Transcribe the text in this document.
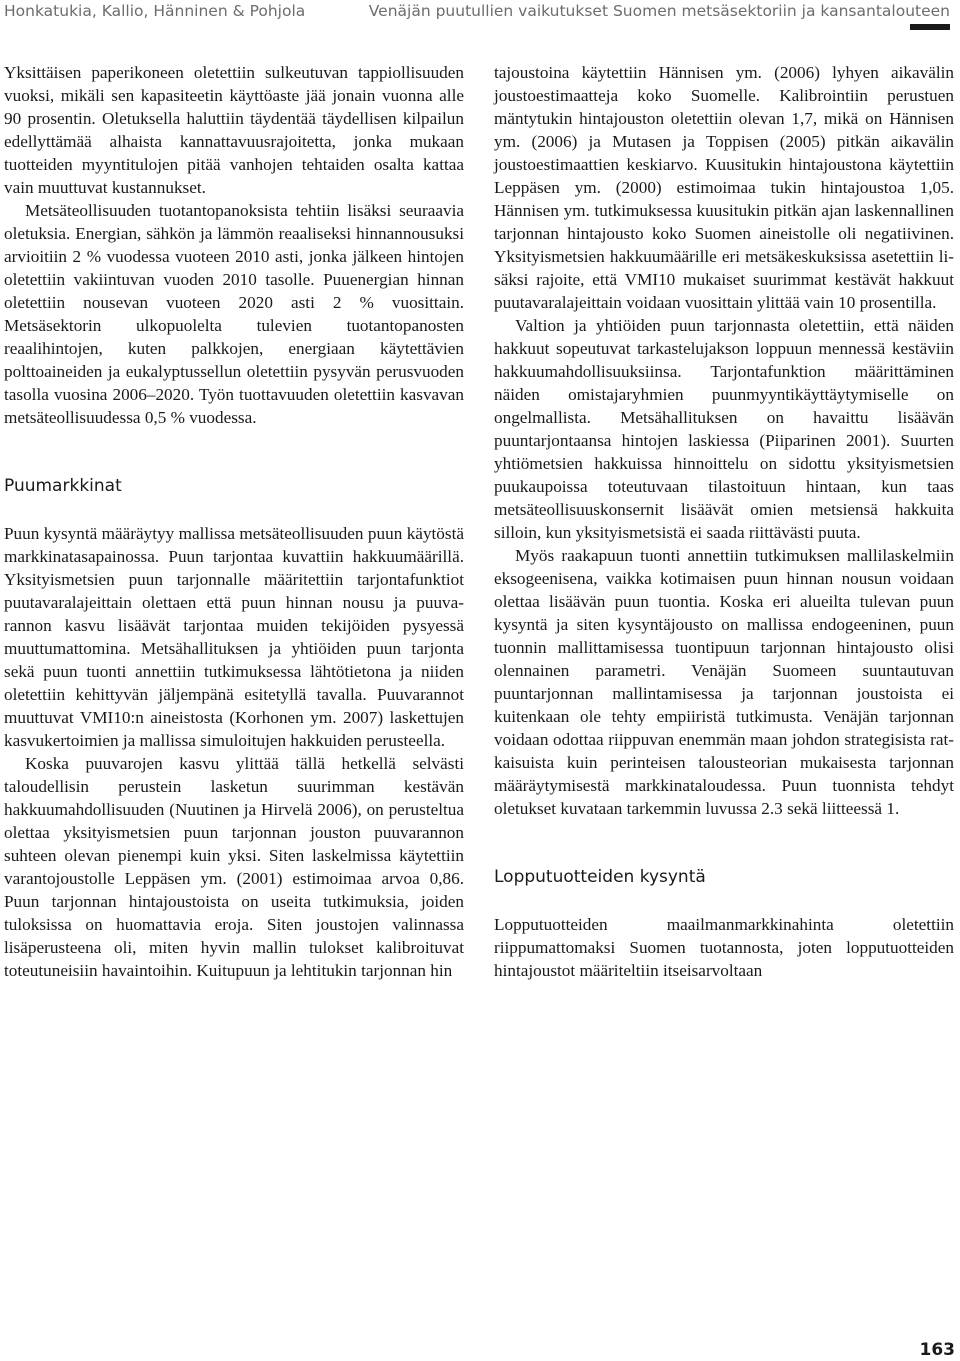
Honkatukia, Kallio, Hänninen & Pohjola	Venäjän puutullien vaikutukset Suomen metsäsektoriin ja kansantalouteen

Yksittäisen paperikoneen oletettiin sulkeutuvan tappiollisuuden vuoksi, mikäli sen kapasiteetin käyttöaste jää jonain vuonna alle 90 prosentin. Oletuksella haluttiin täydentää täydellisen kilpailun edellyttämää alhaista kannattavuusrajoitetta, jonka mukaan tuotteiden myyntitulojen pitää vanhojen tehtaiden osalta kattaa vain muuttuvat kustannukset.

Metsäteollisuuden tuotantopanoksista tehtiin lisäksi seuraavia oletuksia. Energian, sähkön ja lämmön reaaliseksi hinnannousuksi arvioitiin 2 % vuodessa vuoteen 2010 asti, jonka jälkeen hintojen oletettiin vakiintuvan vuoden 2010 tasolle. Puuenergian hinnan oletettiin nousevan vuoteen 2020 asti 2 % vuosittain. Metsäsektorin ulkopuolelta tulevien tuotantopanosten reaalihintojen, kuten palkkojen, energiaan käytettävien polttoaineiden ja eukalyptussellun oletettiin pysyvän perusvuoden tasolla vuosina 2006–2020. Työn tuottavuuden oletettiin kasvavan metsäteollisuudessa 0,5 % vuodessa.

Puumarkkinat

Puun kysyntä määräytyy mallissa metsäteollisuuden puun käytöstä markkinatasapainossa. Puun tarjontaa kuvattiin hakkuumäärillä. Yksityismetsien puun tarjonnalle määritettiin tarjontafunktiot puutavaralajeittain olettaen että puun hinnan nousu ja puuvarannon kasvu lisäävät tarjontaa muiden tekijöiden pysyessä muuttumattomina. Metsähallituksen ja yhtiöiden puun tarjonta sekä puun tuonti annettiin tutkimuksessa lähtötietona ja niiden oletettiin kehittyvän jäljempänä esitetyllä tavalla. Puuvarannot muuttuvat VMI10:n aineistosta (Korhonen ym. 2007) laskettujen kasvukertoimien ja mallissa simuloitujen hakkuiden perusteella.

Koska puuvarojen kasvu ylittää tällä hetkellä selvästi taloudellisin perustein lasketun suurimman kestävän hakkuumahdollisuuden (Nuutinen ja Hirvelä 2006), on perusteltua olettaa yksityismetsien puun tarjonnan jouston puuvarannon suhteen olevan pienempi kuin yksi. Siten laskelmissa käytettiin varantojoustolle Leppäsen ym. (2001) estimoimaa arvoa 0,86. Puun tarjonnan hintajoustoista on useita tutkimuksia, joiden tuloksissa on huomattavia eroja. Siten joustojen valinnassa lisäperusteena oli, miten hyvin mallin tulokset kalibroituvat toteutuneisiin havaintoihin. Kuitupuun ja lehtitukin tarjonnan hin

tajoustoina käytettiin Hännisen ym. (2006) lyhyen aikavälin joustoestimaatteja koko Suomelle. Kalibrointiin perustuen mäntytukin hintajouston oletettiin olevan 1,7, mikä on Hännisen ym. (2006) ja Mutasen ja Toppisen (2005) pitkän aikavälin joustoestimaattien keskiarvo. Kuusitukin hintajoustona käytettiin Leppäsen ym. (2000) estimoimaa tukin hintajoustoa 1,05. Hännisen ym. tutkimuksessa kuusitukin pitkän ajan laskennallinen tarjonnan hintajousto koko Suomen aineistolle oli negatiivinen. Yksityismetsien hakkuumäärille eri metsäkeskuksissa asetettiin lisäksi rajoite, että VMI10 mukaiset suurimmat kestävät hakkuut puutavaralajeittain voidaan vuosittain ylittää vain 10 prosentilla.

Valtion ja yhtiöiden puun tarjonnasta oletettiin, että näiden hakkuut sopeutuvat tarkastelujakson loppuun mennessä kestäviin hakkuumahdollisuuksiinsa. Tarjontafunktion määrittäminen näiden omistajaryhmien puunmyyntikäyttäytymiselle on ongelmallista. Metsähallituksen on havaittu lisäävän puuntarjontaansa hintojen laskiessa (Piiparinen 2001). Suurten yhtiömetsien hakkuissa hinnoittelu on sidottu yksityismetsien puukaupoissa toteutuvaan tilastoituun hintaan, kun taas metsäteollisuuskonsernit lisäävät omien metsiensä hakkuita silloin, kun yksityismetsistä ei saada riittävästi puuta.

Myös raakapuun tuonti annettiin tutkimuksen mallilaskelmiin eksogeenisena, vaikka kotimaisen puun hinnan nousun voidaan olettaa lisäävän puun tuontia. Koska eri alueilta tulevan puun kysyntä ja siten kysyntäjousto on mallissa endogeeninen, puun tuonnin mallittamisessa tuontipuun tarjonnan hintajousto olisi olennainen parametri. Venäjän Suomeen suuntautuvan puuntarjonnan mallintamisessa ja tarjonnan joustoista ei kuitenkaan ole tehty empiiristä tutkimusta. Venäjän tarjonnan voidaan odottaa riippuvan enemmän maan johdon strategisista ratkaisuista kuin perinteisen talousteorian mukaisesta tarjonnan määräytymisestä markkinataloudessa. Puun tuonnista tehdyt oletukset kuvataan tarkemmin luvussa 2.3 sekä liitteessä 1.

Lopputuotteiden kysyntä

Lopputuotteiden maailmanmarkkinahinta oletettiin riippumattomaksi Suomen tuotannosta, joten lopputuotteiden hintajoustot määriteltiin itseisarvoltaan

163
